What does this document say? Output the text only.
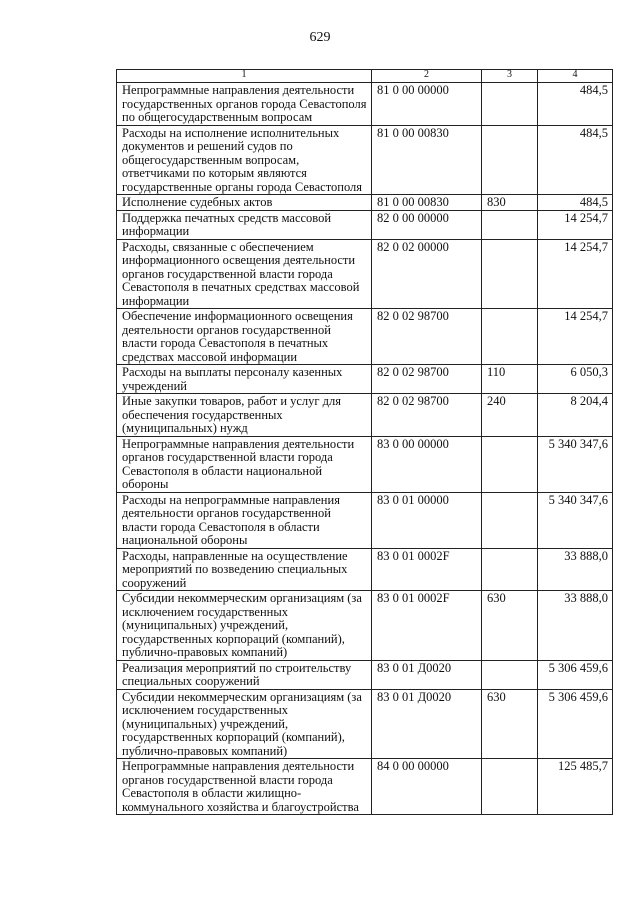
629
1	2	3	4
Непрограммные направления деятельности государственных органов города Севастополя по общегосударственным вопросам	81 0 00 00000		484,5
Расходы на исполнение исполнительных документов и решений судов по общегосударственным вопросам, ответчиками по которым являются государственные органы города Севастополя	81 0 00 00830		484,5
Исполнение судебных актов	81 0 00 00830	830	484,5
Поддержка печатных средств массовой информации	82 0 00 00000		14 254,7
Расходы, связанные с обеспечением информационного освещения деятельности органов государственной власти города Севастополя в печатных средствах массовой информации	82 0 02 00000		14 254,7
Обеспечение информационного освещения деятельности органов государственной власти города Севастополя в печатных средствах массовой информации	82 0 02 98700		14 254,7
Расходы на выплаты персоналу казенных учреждений	82 0 02 98700	110	6 050,3
Иные закупки товаров, работ и услуг для обеспечения государственных (муниципальных) нужд	82 0 02 98700	240	8 204,4
Непрограммные направления деятельности органов государственной власти города Севастополя в области национальной обороны	83 0 00 00000		5 340 347,6
Расходы на непрограммные направления деятельности органов государственной власти города Севастополя в области национальной обороны	83 0 01 00000		5 340 347,6
Расходы, направленные на осуществление мероприятий по возведению специальных сооружений	83 0 01 0002F		33 888,0
Субсидии некоммерческим организациям (за исключением государственных (муниципальных) учреждений, государственных корпораций (компаний), публично-правовых компаний)	83 0 01 0002F	630	33 888,0
Реализация мероприятий по строительству специальных сооружений	83 0 01 Д0020		5 306 459,6
Субсидии некоммерческим организациям (за исключением государственных (муниципальных) учреждений, государственных корпораций (компаний), публично-правовых компаний)	83 0 01 Д0020	630	5 306 459,6
Непрограммные направления деятельности органов государственной власти города Севастополя в области жилищно-коммунального хозяйства и благоустройства	84 0 00 00000		125 485,7
